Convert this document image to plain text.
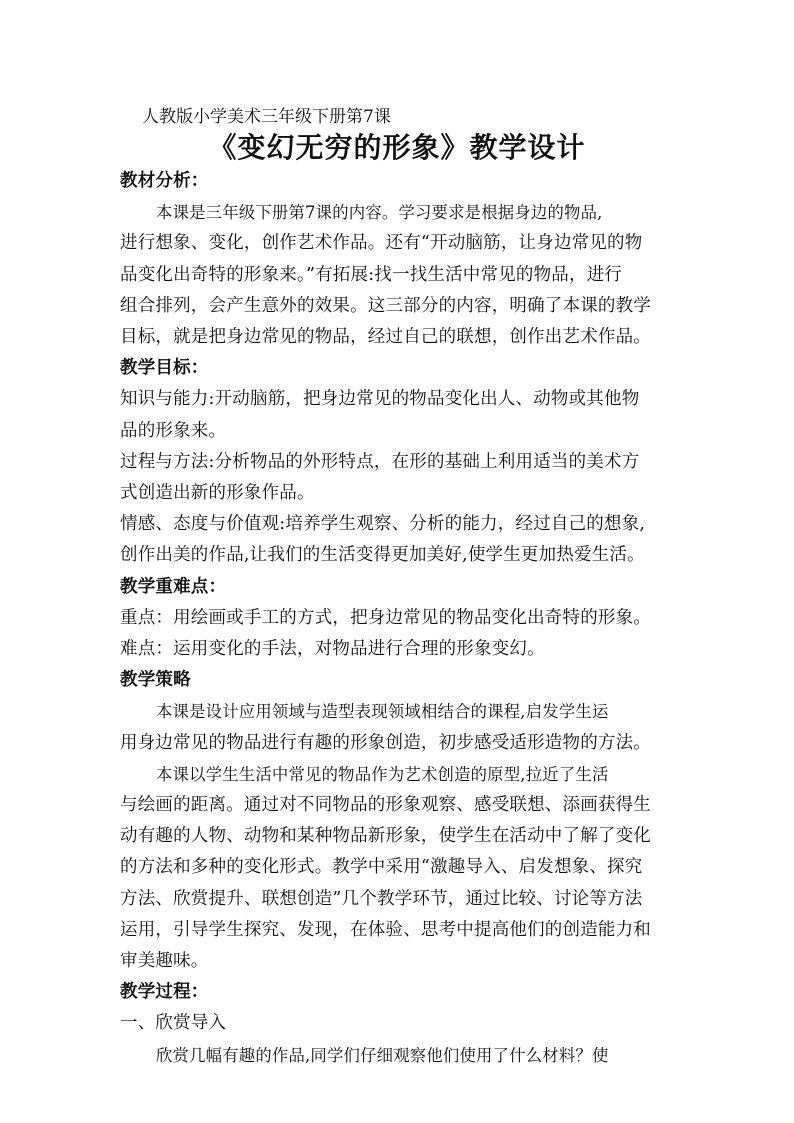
人教版小学美术三年级下册第7课
《变幻无穷的形象》教学设计
教材分析：
本课是三年级下册第7课的内容。学习要求是根据身边的物品,
进行想象、变化，创作艺术作品。还有“开动脑筋，让身边常见的物
品变化出奇特的形象来。”有拓展:找一找生活中常见的物品，进行
组合排列，会产生意外的效果。这三部分的内容，明确了本课的教学
目标，就是把身边常见的物品，经过自己的联想，创作出艺术作品。
教学目标：
知识与能力:开动脑筋，把身边常见的物品变化出人、动物或其他物
品的形象来。
过程与方法:分析物品的外形特点，在形的基础上利用适当的美术方
式创造出新的形象作品。
情感、态度与价值观:培养学生观察、分析的能力，经过自己的想象,
创作出美的作品,让我们的生活变得更加美好,使学生更加热爱生活。
教学重难点：
重点：用绘画或手工的方式，把身边常见的物品变化出奇特的形象。
难点：运用变化的手法，对物品进行合理的形象变幻。
教学策略
本课是设计应用领域与造型表现领域相结合的课程,启发学生运
用身边常见的物品进行有趣的形象创造，初步感受适形造物的方法。
本课以学生生活中常见的物品作为艺术创造的原型,拉近了生活
与绘画的距离。通过对不同物品的形象观察、感受联想、添画获得生
动有趣的人物、动物和某种物品新形象，使学生在活动中了解了变化
的方法和多种的变化形式。教学中采用“激趣导入、启发想象、探究
方法、欣赏提升、联想创造”几个教学环节，通过比较、讨论等方法
运用，引导学生探究、发现，在体验、思考中提高他们的创造能力和
审美趣味。
教学过程：
一、欣赏导入
欣赏几幅有趣的作品,同学们仔细观察他们使用了什么材料？使
